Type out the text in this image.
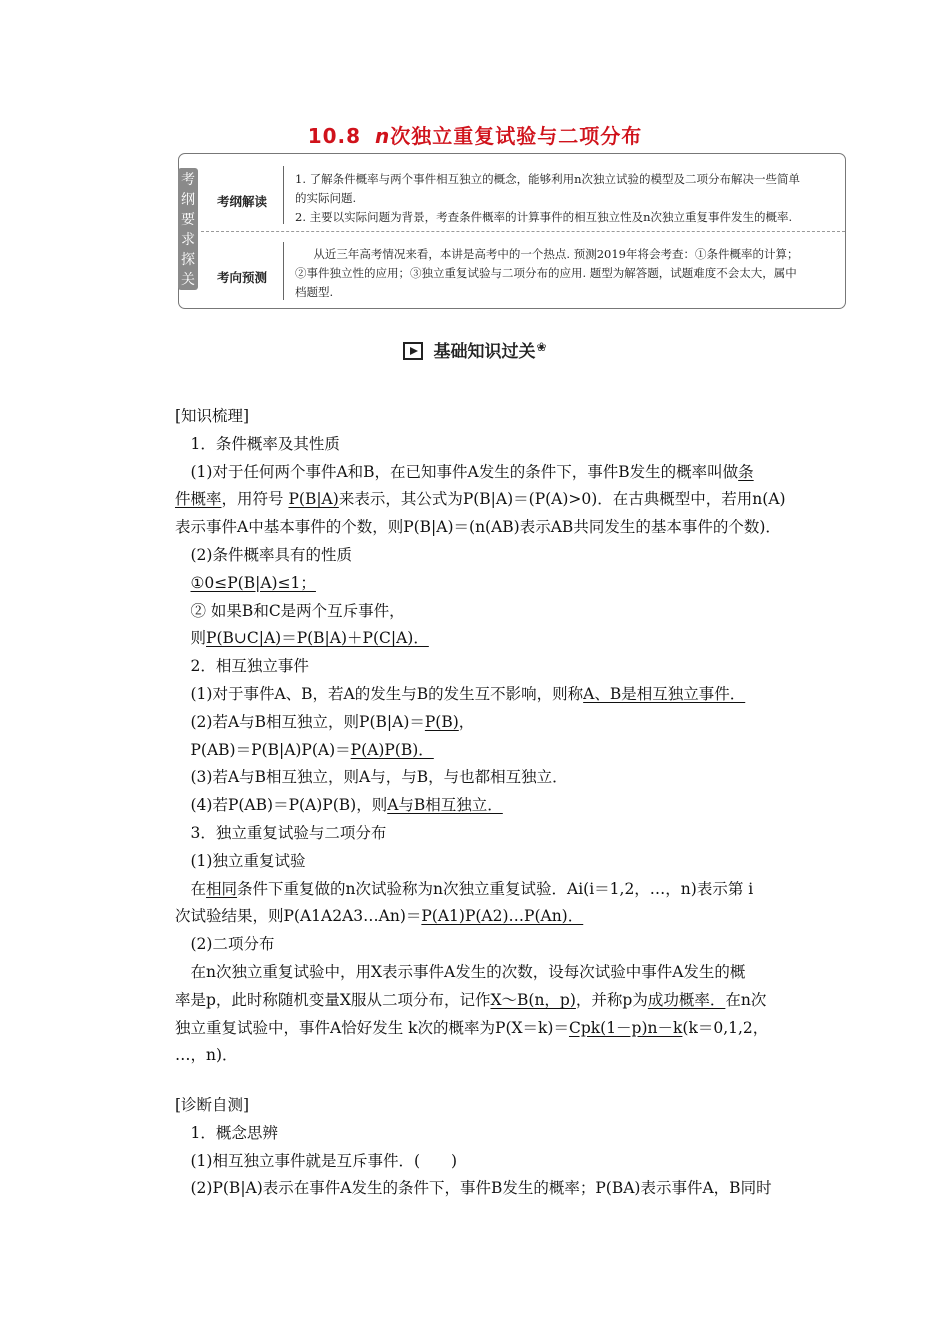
10.8 n次独立重复试验与二项分布
考
纲
要
求
探
关
考纲解读
1. 了解条件概率与两个事件相互独立的概念，能够利用n次独立试验的模型及二项分布解决一些简单
的实际问题.
2. 主要以实际问题为背景，考查条件概率的计算事件的相互独立性及n次独立重复事件发生的概率.
考向预测
从近三年高考情况来看，本讲是高考中的一个热点. 预测2019年将会考查：①条件概率的计算；
②事件独立性的应用；③独立重复试验与二项分布的应用. 题型为解答题，试题难度不会太大，属中
档题型.
基础知识过关❀
[知识梳理]
1．条件概率及其性质
(1)对于任何两个事件A和B，在已知事件A发生的条件下，事件B发生的概率叫做条
件概率，用符号 P(B|A)来表示，其公式为P(B|A)＝(P(A)>0)．在古典概型中，若用n(A)
表示事件A中基本事件的个数，则P(B|A)＝(n(AB)表示AB共同发生的基本事件的个数)．
(2)条件概率具有的性质
①0≤P(B|A)≤1；
② 如果B和C是两个互斥事件，
则P(B∪C|A)＝P(B|A)＋P(C|A)．
2．相互独立事件
(1)对于事件A、B，若A的发生与B的发生互不影响，则称A、B是相互独立事件．
(2)若A与B相互独立，则P(B|A)＝P(B)，
P(AB)＝P(B|A)P(A)＝P(A)P(B)．
(3)若A与B相互独立，则A与，与B，与也都相互独立．
(4)若P(AB)＝P(A)P(B)，则A与B相互独立．
3．独立重复试验与二项分布
(1)独立重复试验
在相同条件下重复做的n次试验称为n次独立重复试验．Ai(i＝1,2，…，n)表示第 i
次试验结果，则P(A1A2A3…An)＝P(A1)P(A2)…P(An)．
(2)二项分布
在n次独立重复试验中，用X表示事件A发生的次数，设每次试验中事件A发生的概
率是p，此时称随机变量X服从二项分布，记作X～B(n，p)，并称p为成功概率．在n次
独立重复试验中，事件A恰好发生 k次的概率为P(X＝k)＝Cpk(1－p)n－k(k＝0,1,2，
…，n)．
[诊断自测]
1．概念思辨
(1)相互独立事件就是互斥事件．(　　)
(2)P(B|A)表示在事件A发生的条件下，事件B发生的概率；P(BA)表示事件A，B同时
